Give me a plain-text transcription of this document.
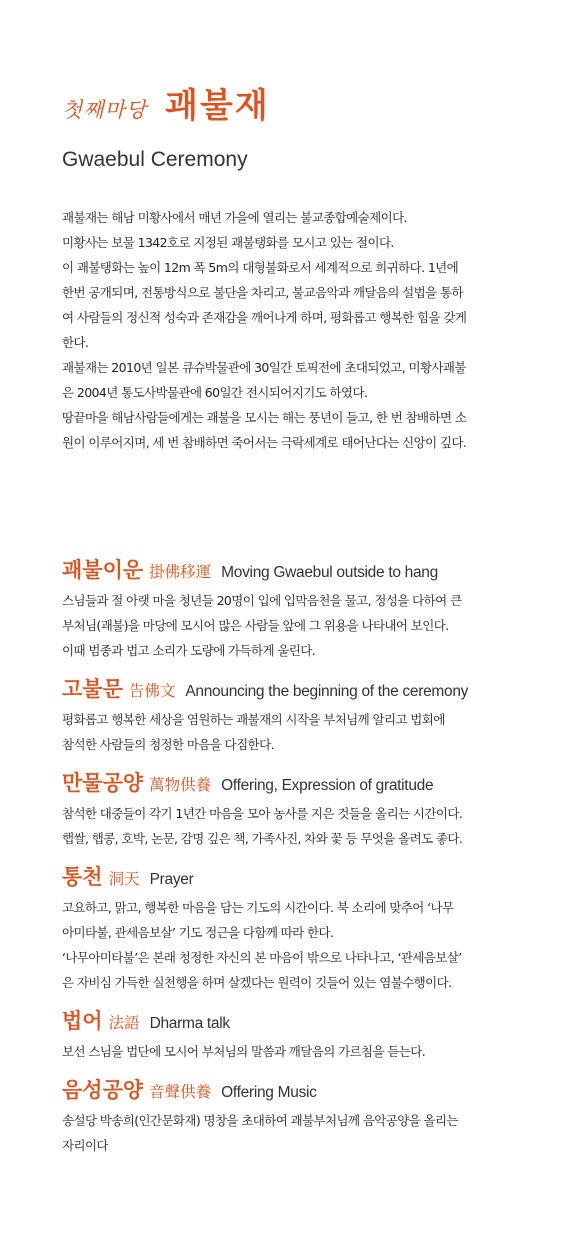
첫째마당 괘불재
Gwaebul Ceremony

괘불재는 해남 미황사에서 매년 가을에 열리는 불교종합예술제이다.

미황사는 보물 1342호로 지정된 괘불탱화를 모시고 있는 절이다.

이 괘불탱화는 높이 12m 폭 5m의 대형불화로서 세계적으로 희귀하다. 1년에

한번 공개되며, 전통방식으로 불단을 차리고, 불교음악과 깨달음의 설법을 통하

여 사람들의 정신적 성숙과 존재감을 깨어나게 하며, 평화롭고 행복한 힘을 갖게

한다.

괘불재는 2010년 일본 큐슈박물관에 30일간 토픽전에 초대되었고, 미황사괘불

은 2004년 통도사박물관에 60일간 전시되어지기도 하였다.

땅끝마을 해남사람들에게는 괘불을 모시는 해는 풍년이 들고, 한 번 참배하면 소

원이 이루어지며, 세 번 참배하면 죽어서는 극락세계로 태어난다는 신앙이 깊다.

괘불이운 掛佛移運 Moving Gwaebul outside to hang

스님들과 절 아랫 마을 청년들 20명이 입에 입막음천을 물고, 정성을 다하여 큰

부처님(괘불)을 마당에 모시어 많은 사람들 앞에 그 위용을 나타내어 보인다.

이때 범종과 법고 소리가 도량에 가득하게 울린다.

고불문 告佛文 Announcing the beginning of the ceremony

평화롭고 행복한 세상을 염원하는 괘불재의 시작을 부처님께 알리고 법회에

참석한 사람들의 청정한 마음을 다짐한다.

만물공양 萬物供養 Offering, Expression of gratitude

참석한 대중들이 각기 1년간 마음을 모아 농사를 지은 것들을 올리는 시간이다.

햅쌀, 햅콩, 호박, 논문, 감명 깊은 책, 가족사진, 차와 꽃 등 무엇을 올려도 좋다.

통천 洞天 Prayer

고요하고, 맑고, 행복한 마음을 담는 기도의 시간이다. 북 소리에 맞추어 ‘나무

아미타불, 관세음보살’ 기도 정근을 다함께 따라 한다.

‘나무아미타불’은 본래 청정한 자신의 본 마음이 밖으로 나타나고, ‘관세음보살’

은 자비심 가득한 실천행을 하며 살겠다는 원력이 깃들어 있는 염불수행이다.

법어 法語 Dharma talk

보선 스님을 법단에 모시어 부처님의 말씀과 깨달음의 가르침을 듣는다.

음성공양 音聲供養 Offering Music

송설당 박송희(인간문화재) 명창을 초대하여 괘불부처님께 음악공양을 올리는

자리이다
